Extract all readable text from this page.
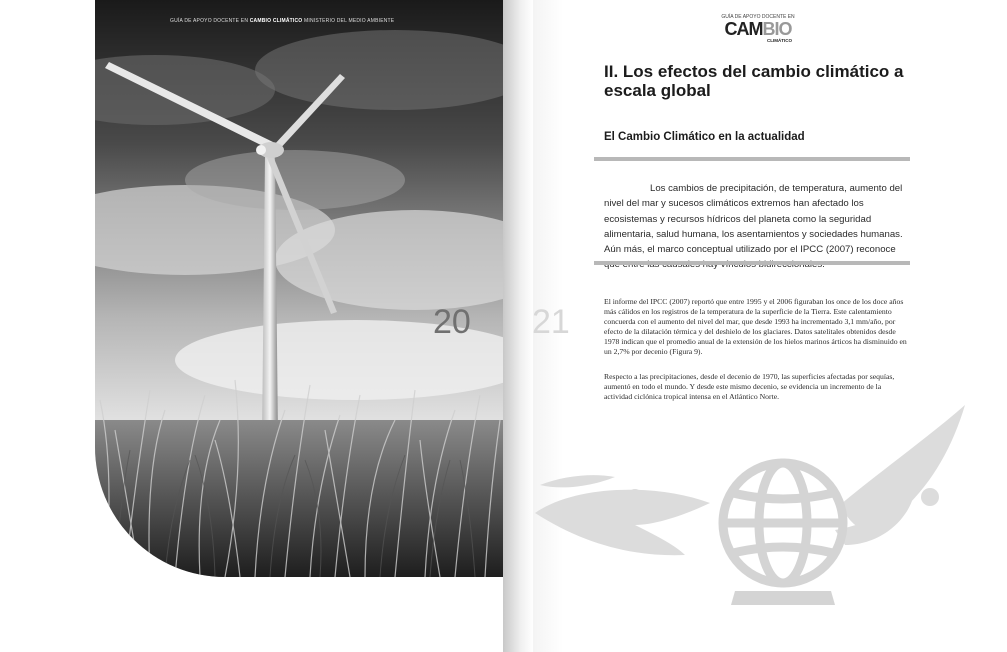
GUÍA DE APOYO DOCENTE EN CAMBIO CLIMÁTICO MINISTERIO DEL MEDIO AMBIENTE
20 21
GUÍA DE APOYO DOCENTE EN
CAMBIO
CLIMÁTICO
II. Los efectos del cambio climático a escala global
El Cambio Climático en la actualidad

Los cambios de precipitación, de temperatura, aumento del nivel del mar y sucesos climáticos extremos han afectado los ecosistemas y recursos hídricos del planeta como la seguridad alimentaria, salud humana, los asentamientos y sociedades humanas. Aún más, el marco conceptual utilizado por el IPCC (2007) reconoce

El informe del IPCC (2007) reportó que entre 1995 y el 2006 figuraban los once de los doce años más cálidos en los registros de la temperatura de la superficie de la Tierra. Este calentamiento concuerda con el aumento del nivel del mar, que desde 1993 ha incrementado 3,1 mm/año, por efecto de la dilatación térmica y del deshielo de los glaciares. Datos satelitales obtenidos desde 1978 indican que el promedio anual de la extensión de los hielos marinos árticos ha disminuido en un 2,7% por decenio (Figura 9).

Respecto a las precipitaciones, desde el decenio de 1970, las superficies afectadas por sequías, aumentó en todo el mundo. Y desde este mismo decenio, se evidencia un incremento de la actividad ciclónica tropical intensa en el Atlántico Norte.
